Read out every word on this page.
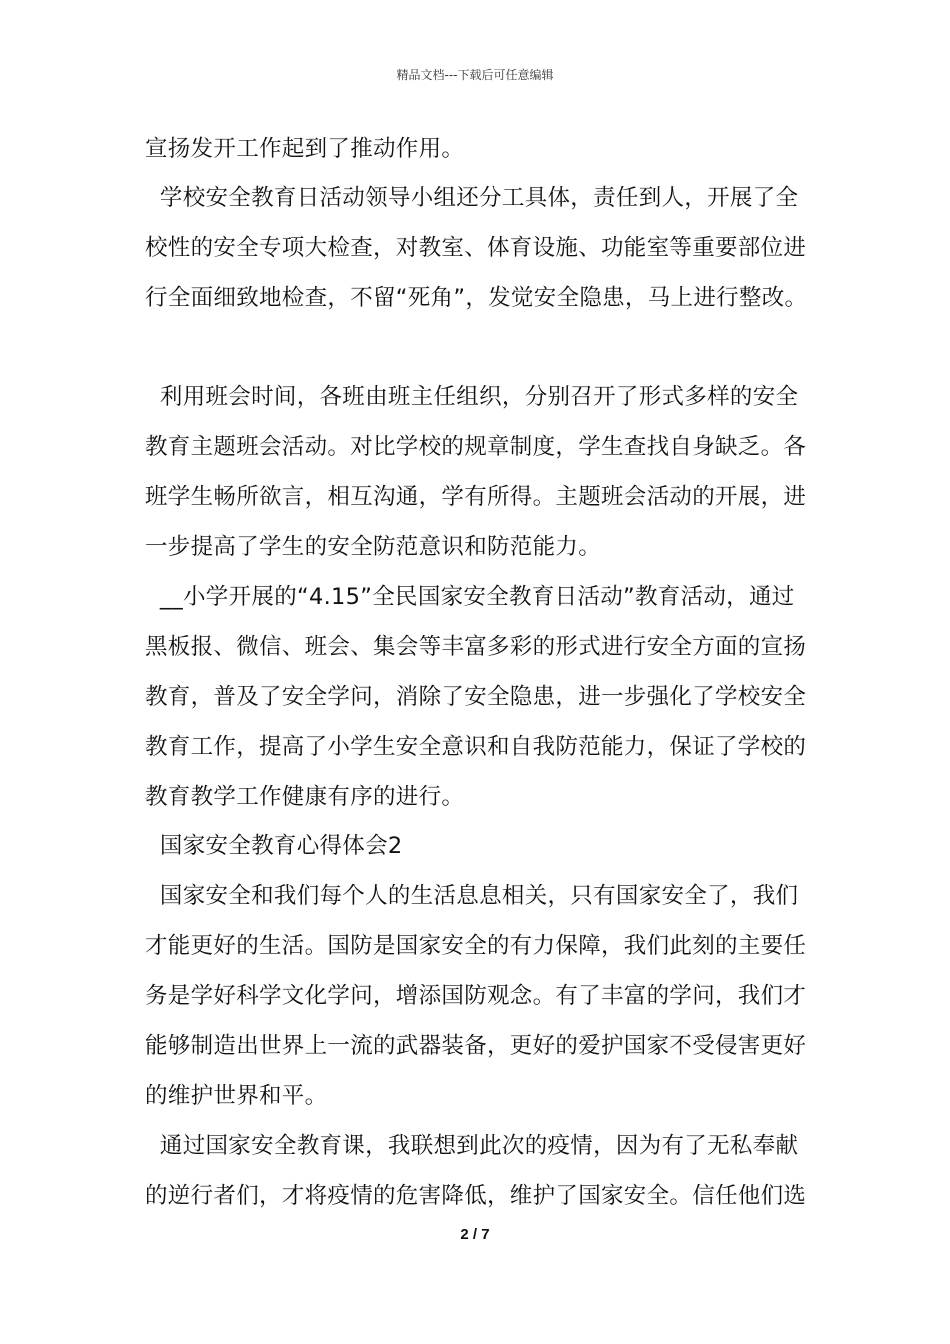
精品文档---下载后可任意编辑
宣扬发开工作起到了推动作用。
学校安全教育日活动领导小组还分工具体，责任到人，开展了全
校性的安全专项大检查，对教室、体育设施、功能室等重要部位进
行全面细致地检查，不留“死角”，发觉安全隐患，马上进行整改。
利用班会时间，各班由班主任组织，分别召开了形式多样的安全
教育主题班会活动。对比学校的规章制度，学生查找自身缺乏。各
班学生畅所欲言，相互沟通，学有所得。主题班会活动的开展，进
一步提高了学生的安全防范意识和防范能力。
__小学开展的“4.15”全民国家安全教育日活动”教育活动，通过
黑板报、微信、班会、集会等丰富多彩的形式进行安全方面的宣扬
教育，普及了安全学问，消除了安全隐患，进一步强化了学校安全
教育工作，提高了小学生安全意识和自我防范能力，保证了学校的
教育教学工作健康有序的进行。
国家安全教育心得体会2
国家安全和我们每个人的生活息息相关，只有国家安全了，我们
才能更好的生活。国防是国家安全的有力保障，我们此刻的主要任
务是学好科学文化学问，增添国防观念。有了丰富的学问，我们才
能够制造出世界上一流的武器装备，更好的爱护国家不受侵害更好
的维护世界和平。
通过国家安全教育课，我联想到此次的疫情，因为有了无私奉献
的逆行者们，才将疫情的危害降低，维护了国家安全。信任他们选
2 / 7
